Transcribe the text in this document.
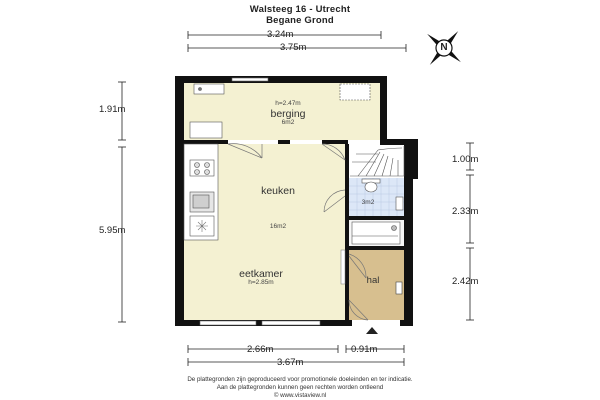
Walsteeg 16 - Utrecht
Begane Grond
N
3.24m
3.75m
1.91m
5.95m
1.00m
2.33m
2.42m
2.66m	0.91m
3.67m
h=2.47m
berging
6m2
keuken
16m2
eetkamer
h=2.85m
3m2
hal
De plattegronden zijn geproduceerd voor promotionele doeleinden en ter indicatie.
Aan de plattegronden kunnen geen rechten worden ontleend
© www.vistaview.nl
